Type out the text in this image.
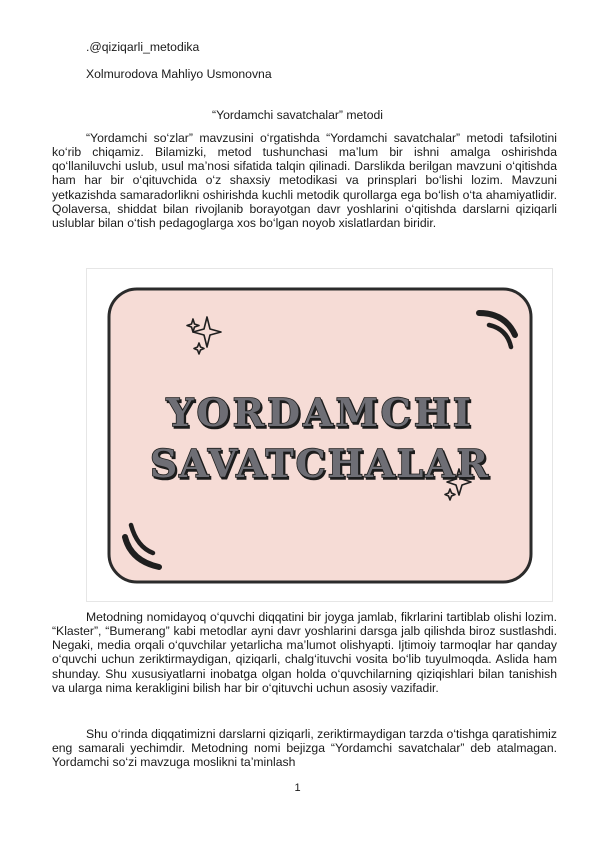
.@qiziqarli_metodika
Xolmurodova Mahliyo Usmonovna
“Yordamchi savatchalar” metodi

“Yordamchi so‘zlar” mavzusini o‘rgatishda “Yordamchi savatchalar” metodi tafsilotini ko‘rib chiqamiz. Bilamizki, metod tushunchasi ma’lum bir ishni amalga oshirishda qo‘llaniluvchi uslub, usul ma’nosi sifatida talqin qilinadi. Darslikda berilgan mavzuni o‘qitishda ham har bir o‘qituvchida o‘z shaxsiy metodikasi va prinsplari bo‘lishi lozim. Mavzuni yetkazishda samaradorlikni oshirishda kuchli metodik qurollarga ega bo‘lish o‘ta ahamiyatlidir. Qolaversa, shiddat bilan rivojlanib borayotgan davr yoshlarini o‘qitishda darslarni qiziqarli uslublar bilan o‘tish pedagoglarga xos bo‘lgan noyob xislatlardan biridir.

YORDAMCHI
SAVATCHALAR

Metodning nomidayoq o‘quvchi diqqatini bir joyga jamlab, fikrlarini tartiblab olishi lozim. “Klaster”, “Bumerang” kabi metodlar ayni davr yoshlarini darsga jalb qilishda biroz sustlashdi. Negaki, media orqali o‘quvchilar yetarlicha ma’lumot olishyapti. Ijtimoiy tarmoqlar har qanday o‘quvchi uchun zeriktirmaydigan, qiziqarli, chalg‘ituvchi vosita bo‘lib tuyulmoqda. Aslida ham shunday. Shu xususiyatlarni inobatga olgan holda o‘quvchilarning qiziqishlari bilan tanishish va ularga nima kerakligini bilish har bir o‘qituvchi uchun asosiy vazifadir.

Shu o‘rinda diqqatimizni darslarni qiziqarli, zeriktirmaydigan tarzda o‘tishga qaratishimiz eng samarali yechimdir. Metodning nomi bejizga “Yordamchi savatchalar” deb atalmagan. Yordamchi so‘zi mavzuga moslikni ta’minlash

1
